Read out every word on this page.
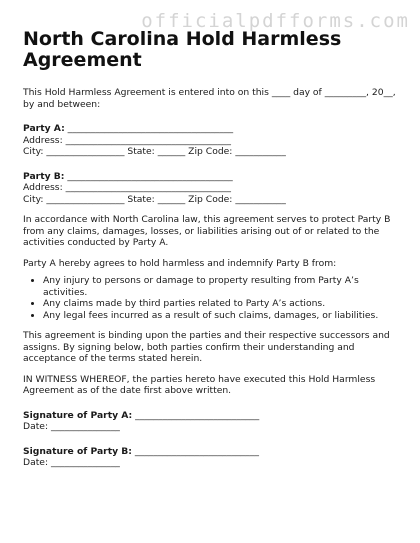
officialpdfforms.com
North Carolina Hold Harmless Agreement

This Hold Harmless Agreement is entered into on this ____ day of _________, 20__, by and between:

Party A: ____________________________________

Address: ____________________________________

City: _________________ State: ______ Zip Code: ___________

Party B: ____________________________________

Address: ____________________________________

City: _________________ State: ______ Zip Code: ___________

In accordance with North Carolina law, this agreement serves to protect Party B from any claims, damages, losses, or liabilities arising out of or related to the activities conducted by Party A.

Party A hereby agrees to hold harmless and indemnify Party B from:

• Any injury to persons or damage to property resulting from Party A’s activities.
• Any claims made by third parties related to Party A’s actions.
• Any legal fees incurred as a result of such claims, damages, or liabilities.

This agreement is binding upon the parties and their respective successors and assigns. By signing below, both parties confirm their understanding and acceptance of the terms stated herein.

IN WITNESS WHEREOF, the parties hereto have executed this Hold Harmless Agreement as of the date first above written.

Signature of Party A: ___________________________

Date: _______________

Signature of Party B: ___________________________

Date: _______________
